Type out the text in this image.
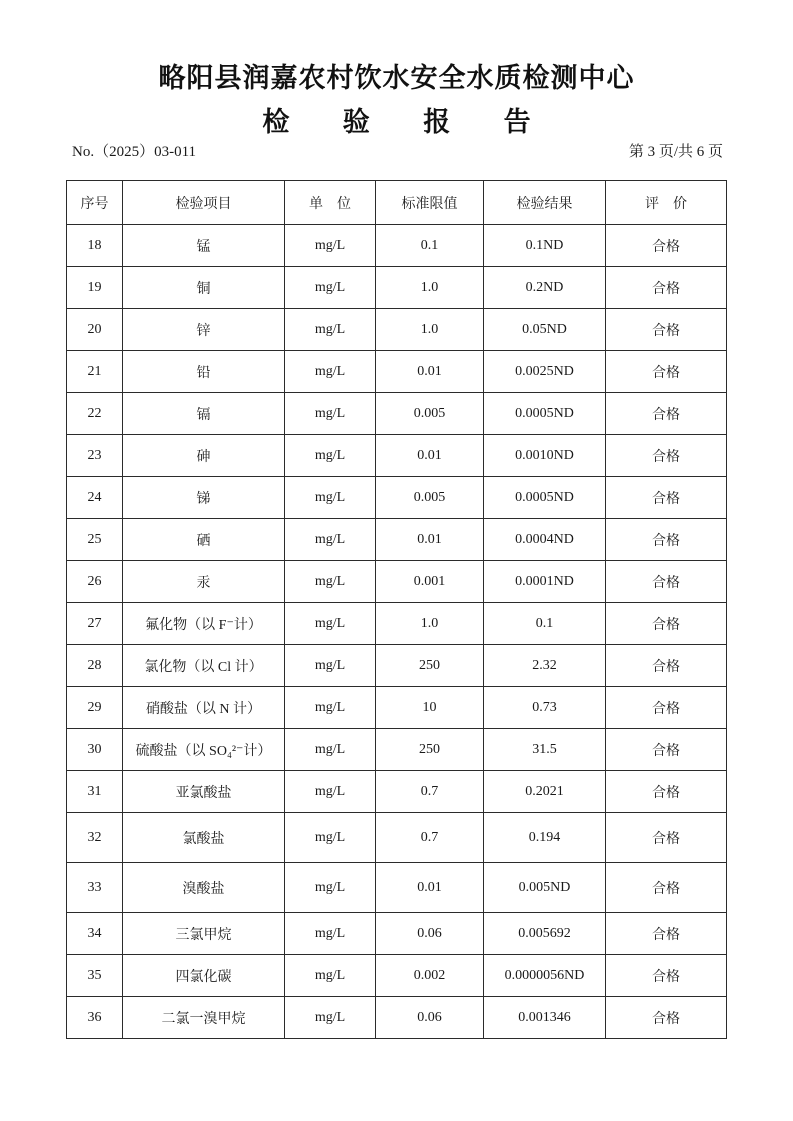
略阳县润嘉农村饮水安全水质检测中心
检 验 报 告
No.（2025）03-011	第 3 页/共 6 页
序号	检验项目	单　位	标准限值	检验结果	评　价
18	锰	mg/L	0.1	0.1ND	合格
19	铜	mg/L	1.0	0.2ND	合格
20	锌	mg/L	1.0	0.05ND	合格
21	铅	mg/L	0.01	0.0025ND	合格
22	镉	mg/L	0.005	0.0005ND	合格
23	砷	mg/L	0.01	0.0010ND	合格
24	锑	mg/L	0.005	0.0005ND	合格
25	硒	mg/L	0.01	0.0004ND	合格
26	汞	mg/L	0.001	0.0001ND	合格
27	氟化物（以 F⁻计）	mg/L	1.0	0.1	合格
28	氯化物（以 Cl 计）	mg/L	250	2.32	合格
29	硝酸盐（以 N 计）	mg/L	10	0.73	合格
30	硫酸盐（以 SO₄²⁻计）	mg/L	250	31.5	合格
31	亚氯酸盐	mg/L	0.7	0.2021	合格
32	氯酸盐	mg/L	0.7	0.194	合格
33	溴酸盐	mg/L	0.01	0.005ND	合格
34	三氯甲烷	mg/L	0.06	0.005692	合格
35	四氯化碳	mg/L	0.002	0.0000056ND	合格
36	二氯一溴甲烷	mg/L	0.06	0.001346	合格
